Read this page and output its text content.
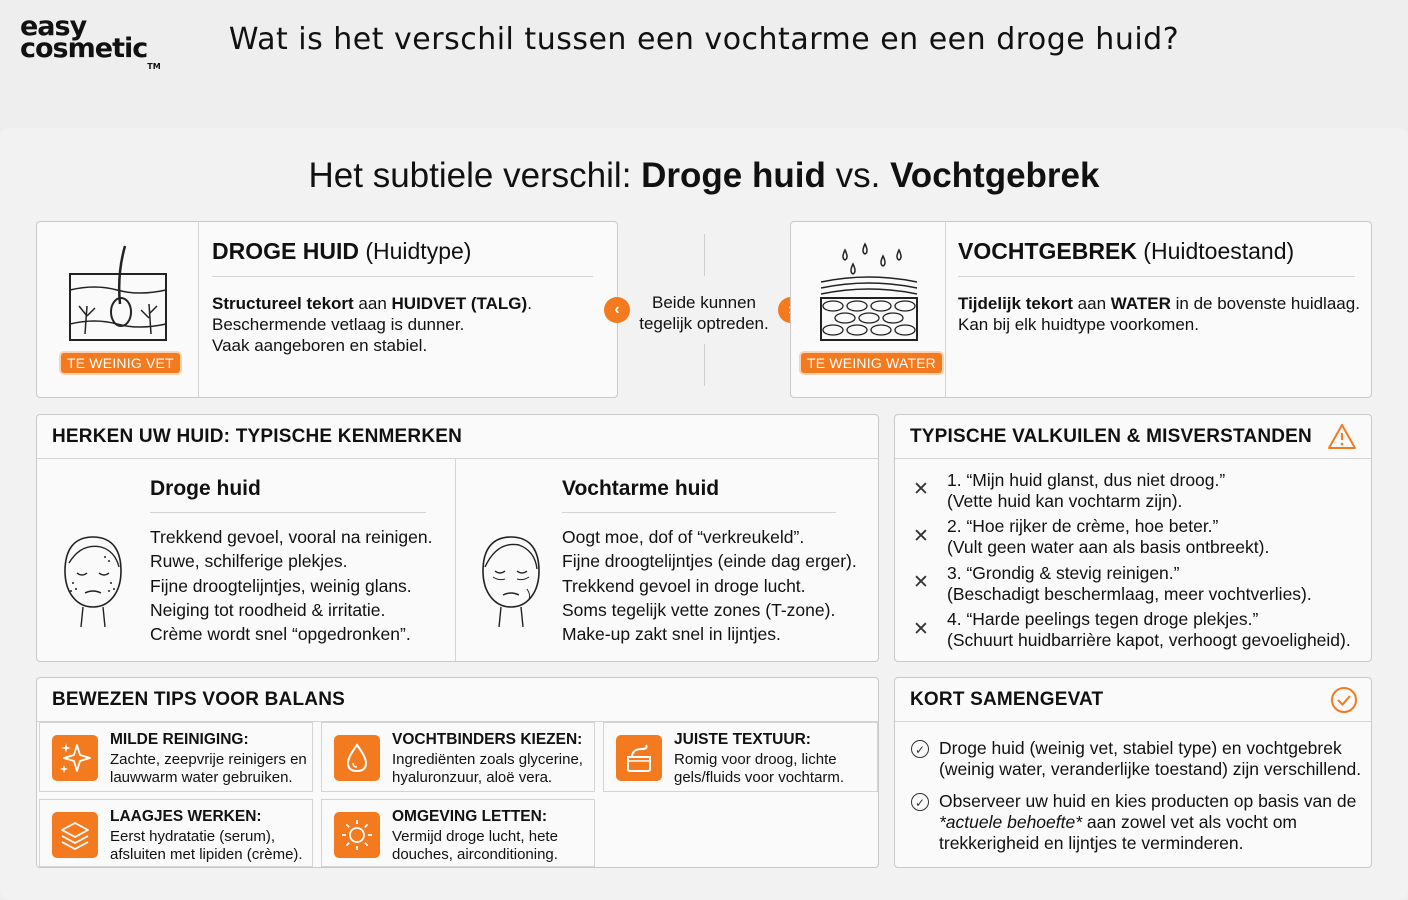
easy
cosmetic™
Wat is het verschil tussen een vochtarme en een droge huid?
Het subtiele verschil: Droge huid vs. Vochtgebrek
TE WEINIG VET
DROGE HUID (Huidtype)
Structureel tekort aan HUIDVET (TALG).
Beschermende vetlaag is dunner.
Vaak aangeboren en stabiel.
‹	Beide kunnen
tegelijk optreden.
TE WEINIG WATER
VOCHTGEBREK (Huidtoestand)
Tijdelijk tekort aan WATER in de bovenste huidlaag.
Kan bij elk huidtype voorkomen.
HERKEN UW HUID: TYPISCHE KENMERKEN
Droge huid
Trekkend gevoel, vooral na reinigen.
Ruwe, schilferige plekjes.
Fijne droogtelijntjes, weinig glans.
Neiging tot roodheid & irritatie.
Crème wordt snel “opgedronken”.
Vochtarme huid
Oogt moe, dof of “verkreukeld”.
Fijne droogtelijntjes (einde dag erger).
Trekkend gevoel in droge lucht.
Soms tegelijk vette zones (T-zone).
Make-up zakt snel in lijntjes.
TYPISCHE VALKUILEN & MISVERSTANDEN
✕ 1. “Mijn huid glanst, dus niet droog.”
(Vette huid kan vochtarm zijn).
✕ 2. “Hoe rijker de crème, hoe beter.”
(Vult geen water aan als basis ontbreekt).
✕ 3. “Grondig & stevig reinigen.”
(Beschadigt beschermlaag, meer vochtverlies).
✕ 4. “Harde peelings tegen droge plekjes.”
(Schuurt huidbarrière kapot, verhoogt gevoeligheid).
BEWEZEN TIPS VOOR BALANS
MILDE REINIGING:
Zachte, zeepvrije reinigers en
lauwwarm water gebruiken.
VOCHTBINDERS KIEZEN:
Ingrediënten zoals glycerine,
hyaluronzuur, aloë vera.
JUISTE TEXTUUR:
Romig voor droog, lichte
gels/fluids voor vochtarm.
LAAGJES WERKEN:
Eerst hydratatie (serum),
afsluiten met lipiden (crème).
OMGEVING LETTEN:
Vermijd droge lucht, hete
douches, airconditioning.
KORT SAMENGEVAT
✓ Droge huid (weinig vet, stabiel type) en vochtgebrek
(weinig water, veranderlijke toestand) zijn verschillend.
✓ Observeer uw huid en kies producten op basis van de
*actuele behoefte* aan zowel vet als vocht om
trekkerigheid en lijntjes te verminderen.
